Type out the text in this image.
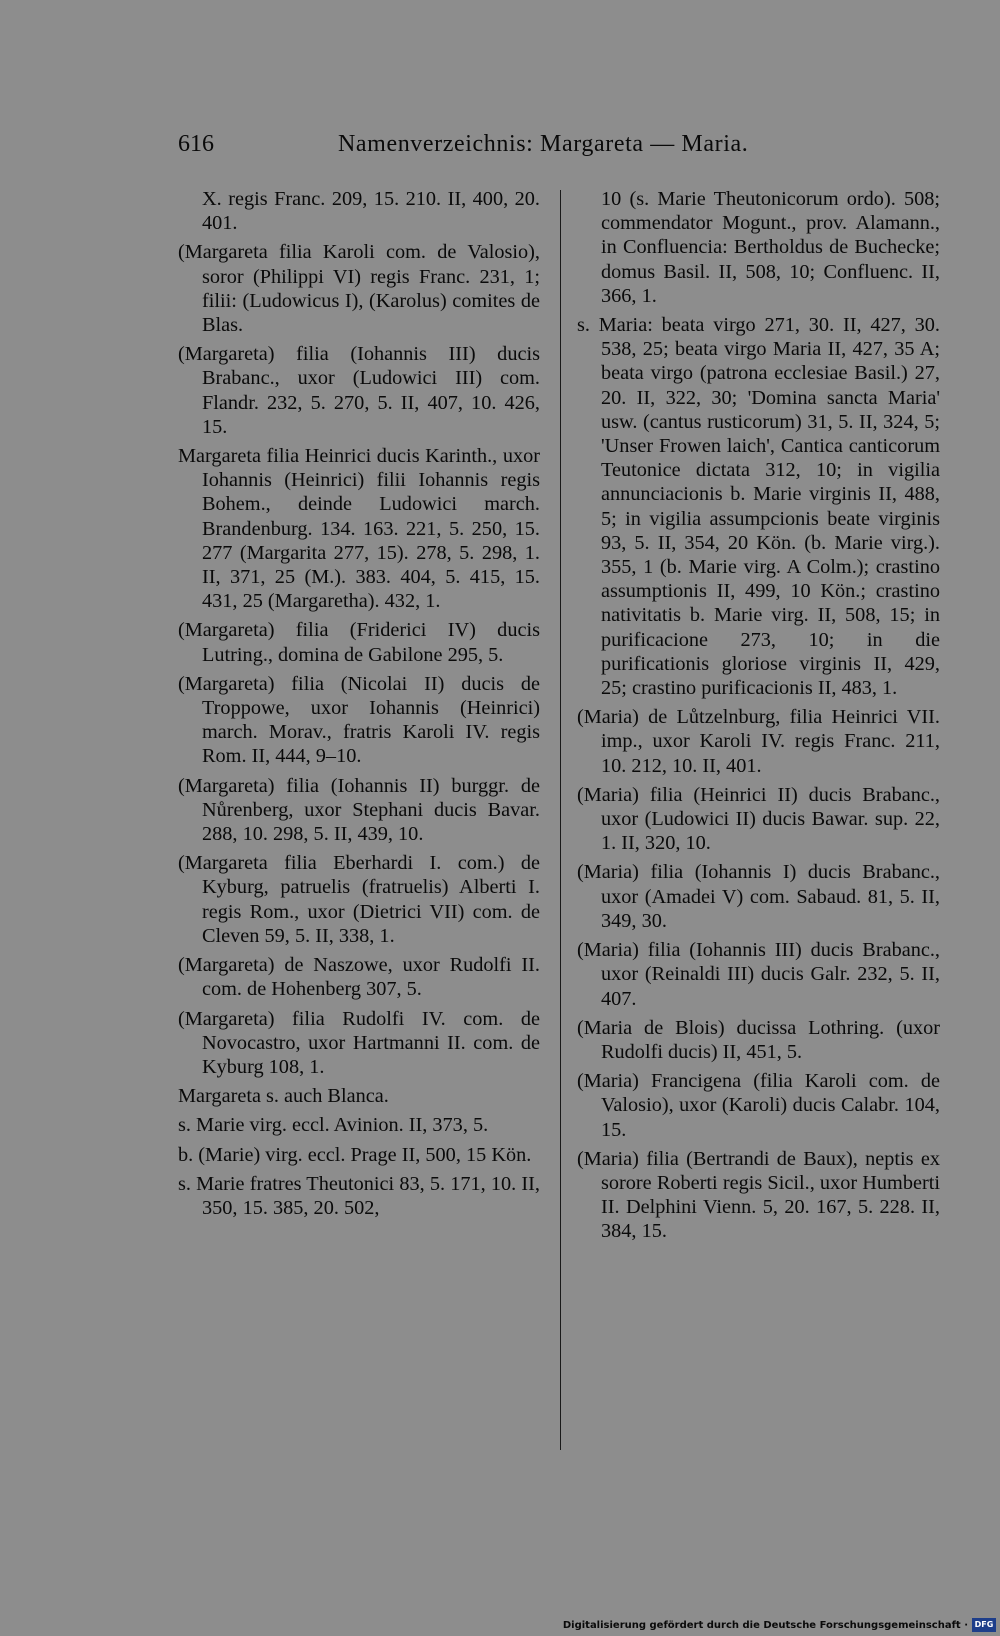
616	Namenverzeichnis: Margareta — Maria.

X. regis Franc. 209, 15. 210. II, 400, 20. 401.

(Margareta filia Karoli com. de Valosio), soror (Philippi VI) regis Franc. 231, 1; filii: (Ludowicus I), (Karolus) comites de Blas.

(Margareta) filia (Iohannis III) ducis Brabanc., uxor (Ludowici III) com. Flandr. 232, 5. 270, 5. II, 407, 10. 426, 15.

Margareta filia Heinrici ducis Karinth., uxor Iohannis (Heinrici) filii Iohannis regis Bohem., deinde Ludowici march. Brandenburg. 134. 163. 221, 5. 250, 15. 277 (Margarita 277, 15). 278, 5. 298, 1. II, 371, 25 (M.). 383. 404, 5. 415, 15. 431, 25 (Margaretha). 432, 1.

(Margareta) filia (Friderici IV) ducis Lutring., domina de Gabilone 295, 5.

(Margareta) filia (Nicolai II) ducis de Troppowe, uxor Iohannis (Heinrici) march. Morav., fratris Karoli IV. regis Rom. II, 444, 9–10.

(Margareta) filia (Iohannis II) burggr. de Nůrenberg, uxor Stephani ducis Bavar. 288, 10. 298, 5. II, 439, 10.

(Margareta filia Eberhardi I. com.) de Kyburg, patruelis (fratruelis) Alberti I. regis Rom., uxor (Dietrici VII) com. de Cleven 59, 5. II, 338, 1.

(Margareta) de Naszowe, uxor Rudolfi II. com. de Hohenberg 307, 5.

(Margareta) filia Rudolfi IV. com. de Novocastro, uxor Hartmanni II. com. de Kyburg 108, 1.

Margareta s. auch Blanca.

s. Marie virg. eccl. Avinion. II, 373, 5.

b. (Marie) virg. eccl. Prage II, 500, 15 Kön.

s. Marie fratres Theutonici 83, 5. 171, 10. II, 350, 15. 385, 20. 502,

10 (s. Marie Theutonicorum ordo). 508; commendator Mogunt., prov. Alamann., in Confluencia: Bertholdus de Buchecke; domus Basil. II, 508, 10; Confluenc. II, 366, 1.

s. Maria: beata virgo 271, 30. II, 427, 30. 538, 25; beata virgo Maria II, 427, 35 A; beata virgo (patrona ecclesiae Basil.) 27, 20. II, 322, 30; 'Domina sancta Maria' usw. (cantus rusticorum) 31, 5. II, 324, 5; 'Unser Frowen laich', Cantica canticorum Teutonice dictata 312, 10; in vigilia annunciacionis b. Marie virginis II, 488, 5; in vigilia assumpcionis beate virginis 93, 5. II, 354, 20 Kön. (b. Marie virg.). 355, 1 (b. Marie virg. A Colm.); crastino assumptionis II, 499, 10 Kön.; crastino nativitatis b. Marie virg. II, 508, 15; in purificacione 273, 10; in die purificationis gloriose virginis II, 429, 25; crastino purificacionis II, 483, 1.

(Maria) de Lůtzelnburg, filia Heinrici VII. imp., uxor Karoli IV. regis Franc. 211, 10. 212, 10. II, 401.

(Maria) filia (Heinrici II) ducis Brabanc., uxor (Ludowici II) ducis Bawar. sup. 22, 1. II, 320, 10.

(Maria) filia (Iohannis I) ducis Brabanc., uxor (Amadei V) com. Sabaud. 81, 5. II, 349, 30.

(Maria) filia (Iohannis III) ducis Brabanc., uxor (Reinaldi III) ducis Galr. 232, 5. II, 407.

(Maria de Blois) ducissa Lothring. (uxor Rudolfi ducis) II, 451, 5.

(Maria) Francigena (filia Karoli com. de Valosio), uxor (Karoli) ducis Calabr. 104, 15.

(Maria) filia (Bertrandi de Baux), neptis ex sorore Roberti regis Sicil., uxor Humberti II. Delphini Vienn. 5, 20. 167, 5. 228. II, 384, 15.

Digitalisierung gefördert durch die Deutsche Forschungsgemeinschaft · DFG
